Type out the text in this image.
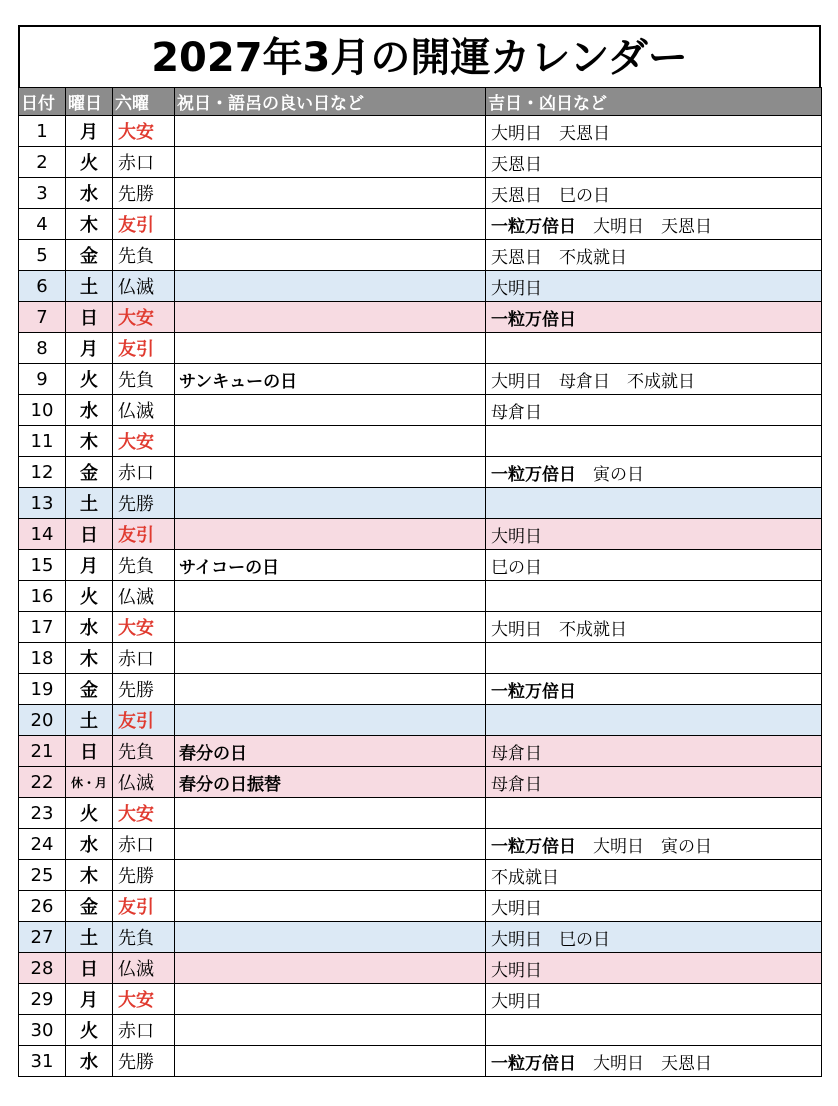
2027年3月の開運カレンダー
日付	曜日	六曜	祝日・語呂の良い日など	吉日・凶日など
1	月	大安		大明日　天恩日
2	火	赤口		天恩日
3	水	先勝		天恩日　巳の日
4	木	友引		一粒万倍日　 大明日　天恩日
5	金	先負		天恩日　不成就日
6	土	仏滅		大明日
7	日	大安		一粒万倍日
8	月	友引		
9	火	先負	サンキューの日	大明日　母倉日　不成就日
10	水	仏滅		母倉日
11	木	大安		
12	金	赤口		一粒万倍日　 寅の日
13	土	先勝		
14	日	友引		大明日
15	月	先負	サイコーの日	巳の日
16	火	仏滅		
17	水	大安		大明日　不成就日
18	木	赤口		
19	金	先勝		一粒万倍日
20	土	友引		
21	日	先負	春分の日	母倉日
22	休・月	仏滅	春分の日振替	母倉日
23	火	大安		
24	水	赤口		一粒万倍日　 大明日　寅の日
25	木	先勝		不成就日
26	金	友引		大明日
27	土	先負		大明日　巳の日
28	日	仏滅		大明日
29	月	大安		大明日
30	火	赤口		
31	水	先勝		一粒万倍日　 大明日　天恩日
